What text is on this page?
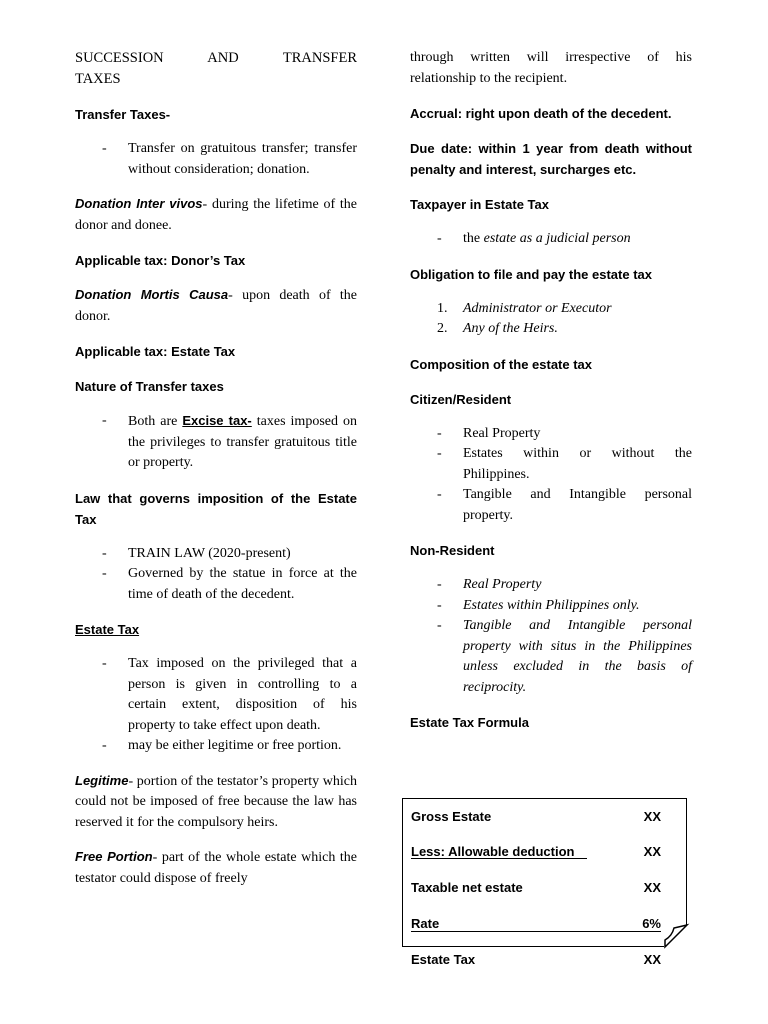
SUCCESSION AND TRANSFER

TAXES

Transfer Taxes-

- Transfer on gratuitous transfer; transfer without consideration; donation.

Donation Inter vivos- during the lifetime of the donor and donee.

Applicable tax: Donor’s Tax

Donation Mortis Causa- upon death of the donor.

Applicable tax: Estate Tax

Nature of Transfer taxes

- Both are Excise tax- taxes imposed on the privileges to transfer gratuitous title or property.

Law that governs imposition of the Estate Tax

- TRAIN LAW (2020-present)
- Governed by the statue in force at the time of death of the decedent.

Estate Tax

- Tax imposed on the privileged that a person is given in controlling to a certain extent, disposition of his property to take effect upon death.
- may be either legitime or free portion.

Legitime- portion of the testator’s property which could not be imposed of free because the law has reserved it for the compulsory heirs.

Free Portion- part of the whole estate which the testator could dispose of freely

through written will irrespective of his relationship to the recipient.

Accrual: right upon death of the decedent.

Due date: within 1 year from death without penalty and interest, surcharges etc.

Taxpayer in Estate Tax

- the estate as a judicial person

Obligation to file and pay the estate tax

1. Administrator or Executor
2. Any of the Heirs.

Composition of the estate tax

Citizen/Resident

- Real Property
- Estates within or without the Philippines.
- Tangible and Intangible personal property.

Non-Resident

- Real Property
- Estates within Philippines only.
- Tangible and Intangible personal property with situs in the Philippines unless excluded in the basis of reciprocity.

Estate Tax Formula

Gross Estate	XX
Less: Allowable deduction	XX
Taxable net estate	XX
Rate	6%
Estate Tax	XX
